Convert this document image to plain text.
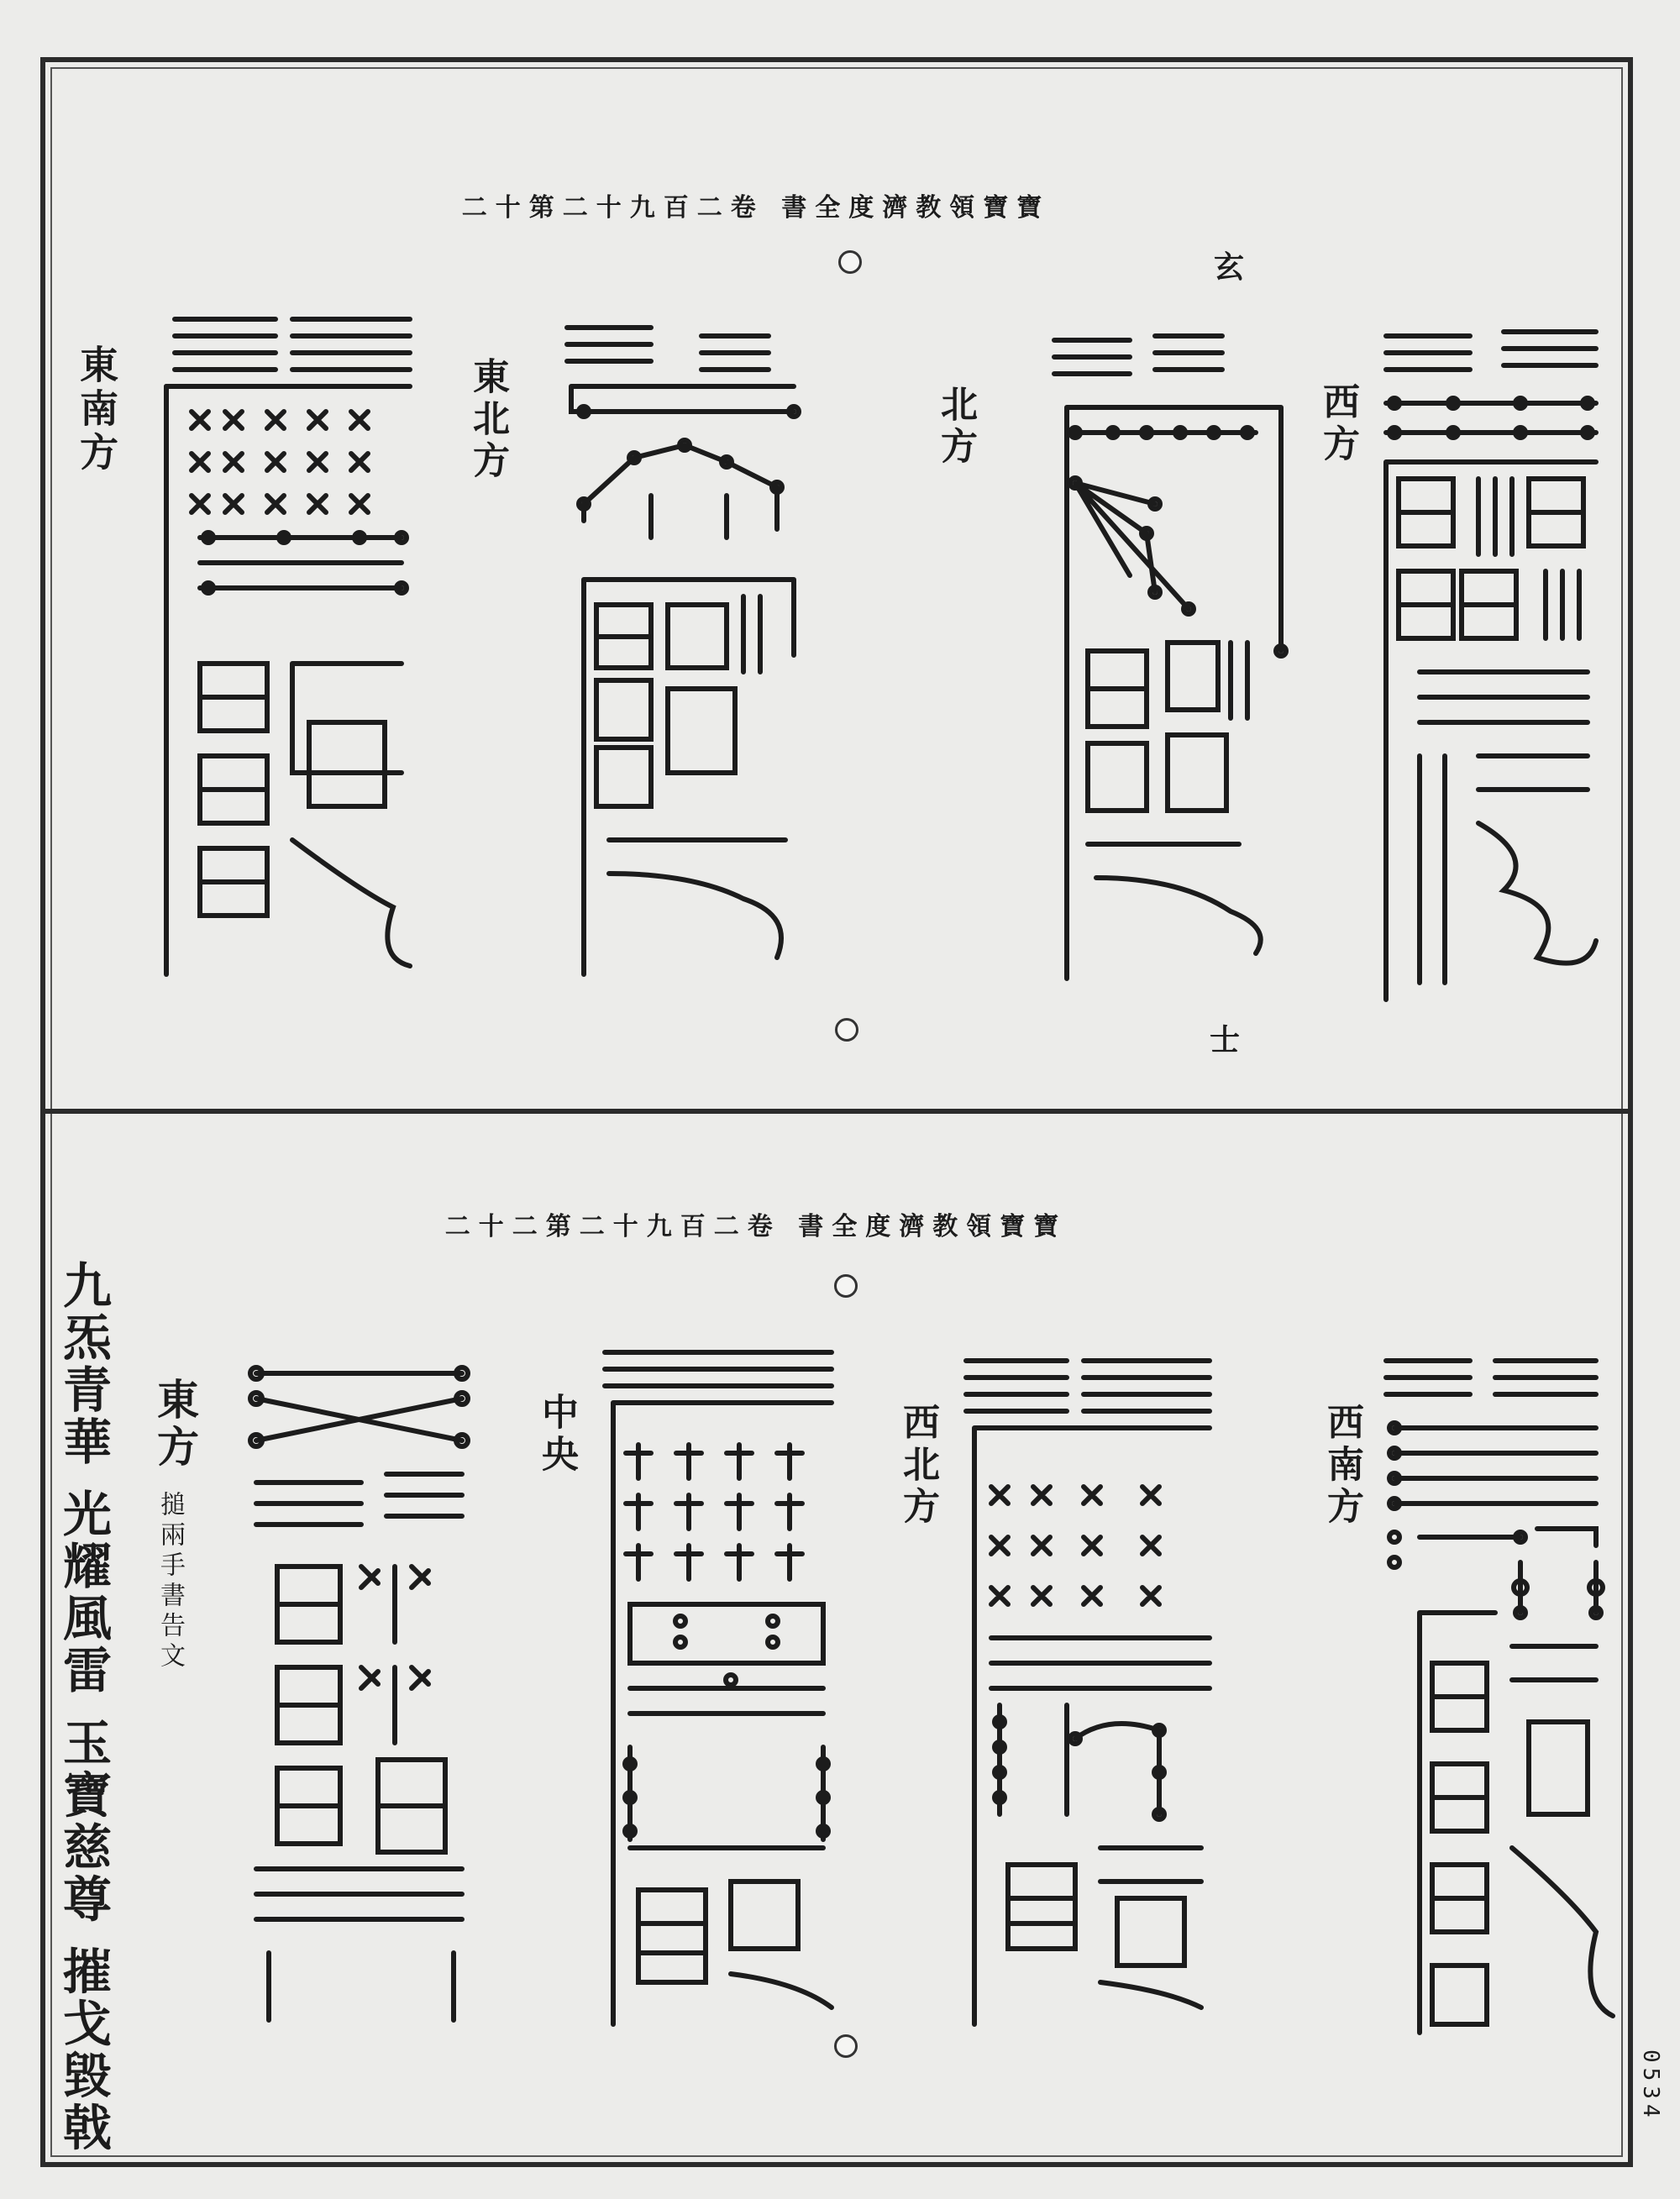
寶寶領教濟度全書 卷二百九十二第十二
西方
北方
東北方
東南方
玄
士
寶寶領教濟度全書 卷二百九十二第二十二
西南方
西北方
中央
東方
搥兩手書告文
九炁青華 光耀風雷 玉寶慈尊 摧戈毀戟	0534
